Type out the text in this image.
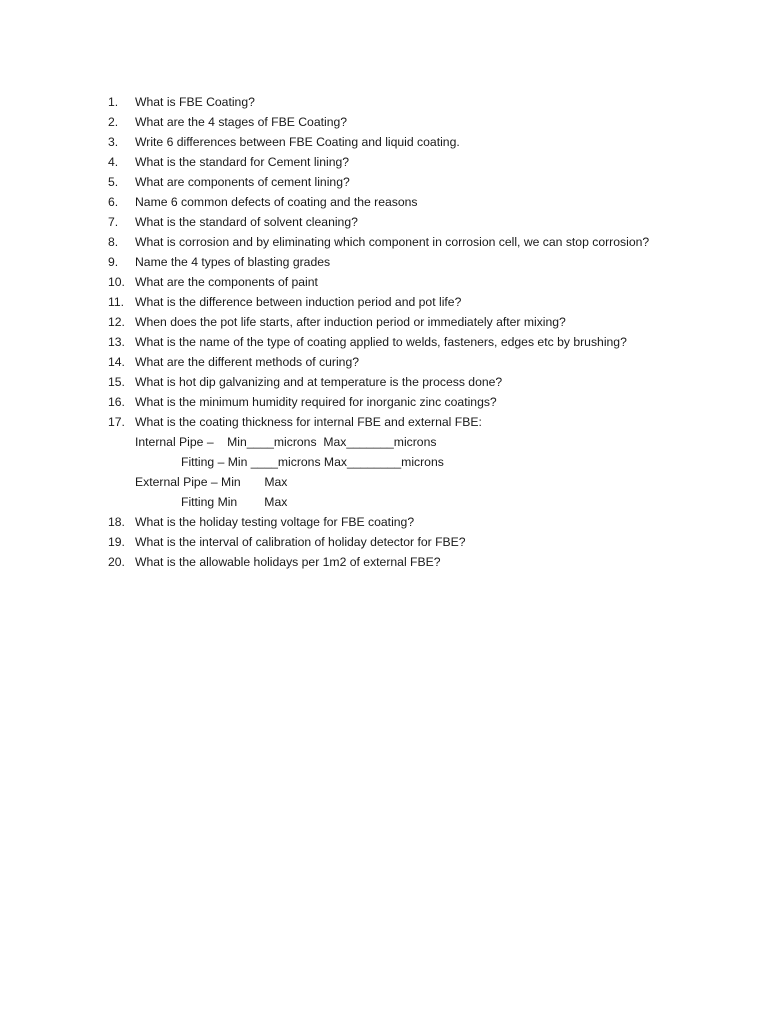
1.	What is FBE Coating?
2.	What are the 4 stages of FBE Coating?
3.	Write 6 differences between FBE Coating and liquid coating.
4.	What is the standard for Cement lining?
5.	What are components of cement lining?
6.	Name 6 common defects of coating and the reasons
7.	What is the standard of solvent cleaning?
8.	What is corrosion and by eliminating which component in corrosion cell, we can stop corrosion?
9.	Name the 4 types of blasting grades
10. What are the components of paint
11. What is the difference between induction period and pot life?
12. When does the pot life starts, after induction period or immediately after mixing?
13. What is the name of the type of coating applied to welds, fasteners, edges etc by brushing?
14. What are the different methods of curing?
15. What is hot dip galvanizing and at temperature is the process done?
16. What is the minimum humidity required for inorganic zinc coatings?
17. What is the coating thickness for internal FBE and external FBE:
Internal Pipe –    Min____microns  Max_______microns
Fitting – Min ____microns Max________microns
External Pipe – Min       Max
Fitting Min        Max
18. What is the holiday testing voltage for FBE coating?
19. What is the interval of calibration of holiday detector for FBE?
20. What is the allowable holidays per 1m2 of external FBE?
